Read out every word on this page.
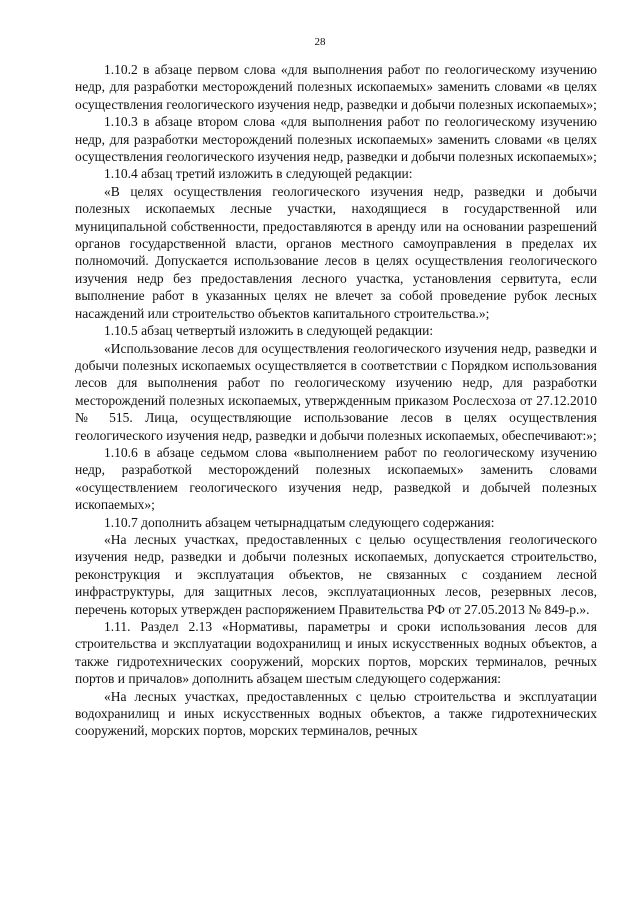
28

1.10.2 в абзаце первом слова «для выполнения работ по геологическому изучению недр, для разработки месторождений полезных ископаемых» заменить словами «в целях осуществления геологического изучения недр, разведки и добычи полезных ископаемых»;

1.10.3 в абзаце втором слова «для выполнения работ по геологическому изучению недр, для разработки месторождений полезных ископаемых» заменить словами «в целях осуществления геологического изучения недр, разведки и добычи полезных ископаемых»;

1.10.4 абзац третий изложить в следующей редакции:

«В целях осуществления геологического изучения недр, разведки и добычи полезных ископаемых лесные участки, находящиеся в государственной или муниципальной собственности, предоставляются в аренду или на основании разрешений органов государственной власти, органов местного самоуправления в пределах их полномочий. Допускается использование лесов в целях осуществления геологического изучения недр без предоставления лесного участка, установления сервитута, если выполнение работ в указанных целях не влечет за собой проведение рубок лесных насаждений или строительство объектов капитального строительства.»;

1.10.5 абзац четвертый изложить в следующей редакции:

«Использование лесов для осуществления геологического изучения недр, разведки и добычи полезных ископаемых осуществляется в соответствии с Порядком использования лесов для выполнения работ по геологическому изучению недр, для разработки месторождений полезных ископаемых, утвержденным приказом Рослесхоза от 27.12.2010 № 515. Лица, осуществляющие использование лесов в целях осуществления геологического изучения недр, разведки и добычи полезных ископаемых, обеспечивают:»;

1.10.6 в абзаце седьмом слова «выполнением работ по геологическому изучению недр, разработкой месторождений полезных ископаемых» заменить словами «осуществлением геологического изучения недр, разведкой и добычей полезных ископаемых»;

1.10.7 дополнить абзацем четырнадцатым следующего содержания:

«На лесных участках, предоставленных с целью осуществления геологического изучения недр, разведки и добычи полезных ископаемых, допускается строительство, реконструкция и эксплуатация объектов, не связанных с созданием лесной инфраструктуры, для защитных лесов, эксплуатационных лесов, резервных лесов, перечень которых утвержден распоряжением Правительства РФ от 27.05.2013 № 849-р.».

1.11. Раздел 2.13 «Нормативы, параметры и сроки использования лесов для строительства и эксплуатации водохранилищ и иных искусственных водных объектов, а также гидротехнических сооружений, морских портов, морских терминалов, речных портов и причалов» дополнить абзацем шестым следующего содержания:

«На лесных участках, предоставленных с целью строительства и эксплуатации водохранилищ и иных искусственных водных объектов, а также гидротехнических сооружений, морских портов, морских терминалов, речных
